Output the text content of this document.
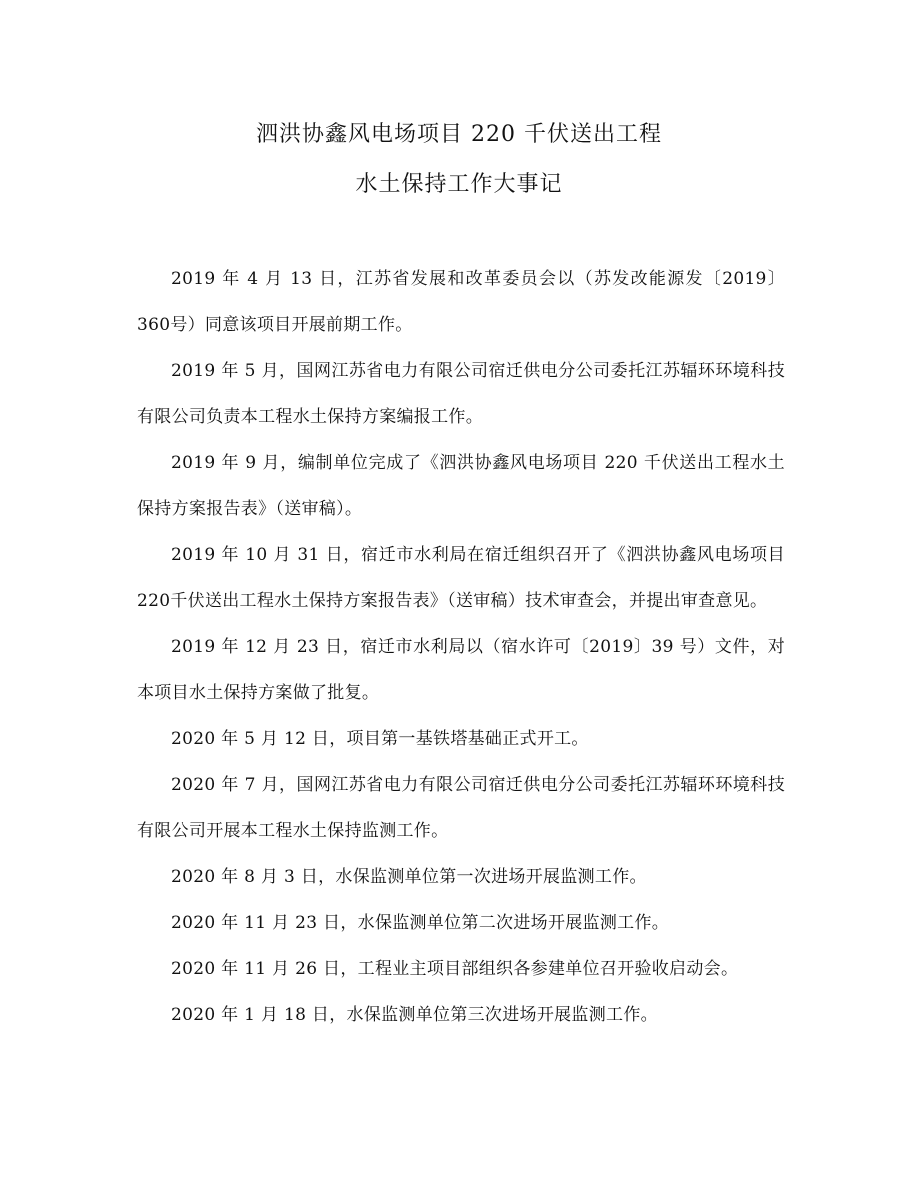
泗洪协鑫风电场项目 220 千伏送出工程
水土保持工作大事记

2019 年 4 月 13 日，江苏省发展和改革委员会以（苏发改能源发〔2019〕360号）同意该项目开展前期工作。

2019 年 5 月，国网江苏省电力有限公司宿迁供电分公司委托江苏辐环环境科技有限公司负责本工程水土保持方案编报工作。

2019 年 9 月，编制单位完成了《泗洪协鑫风电场项目 220 千伏送出工程水土保持方案报告表》（送审稿）。

2019 年 10 月 31 日，宿迁市水利局在宿迁组织召开了《泗洪协鑫风电场项目 220千伏送出工程水土保持方案报告表》（送审稿）技术审查会，并提出审查意见。

2019 年 12 月 23 日，宿迁市水利局以（宿水许可〔2019〕39 号）文件，对本项目水土保持方案做了批复。

2020 年 5 月 12 日，项目第一基铁塔基础正式开工。

2020 年 7 月，国网江苏省电力有限公司宿迁供电分公司委托江苏辐环环境科技有限公司开展本工程水土保持监测工作。

2020 年 8 月 3 日，水保监测单位第一次进场开展监测工作。

2020 年 11 月 23 日，水保监测单位第二次进场开展监测工作。

2020 年 11 月 26 日，工程业主项目部组织各参建单位召开验收启动会。

2020 年 1 月 18 日，水保监测单位第三次进场开展监测工作。
